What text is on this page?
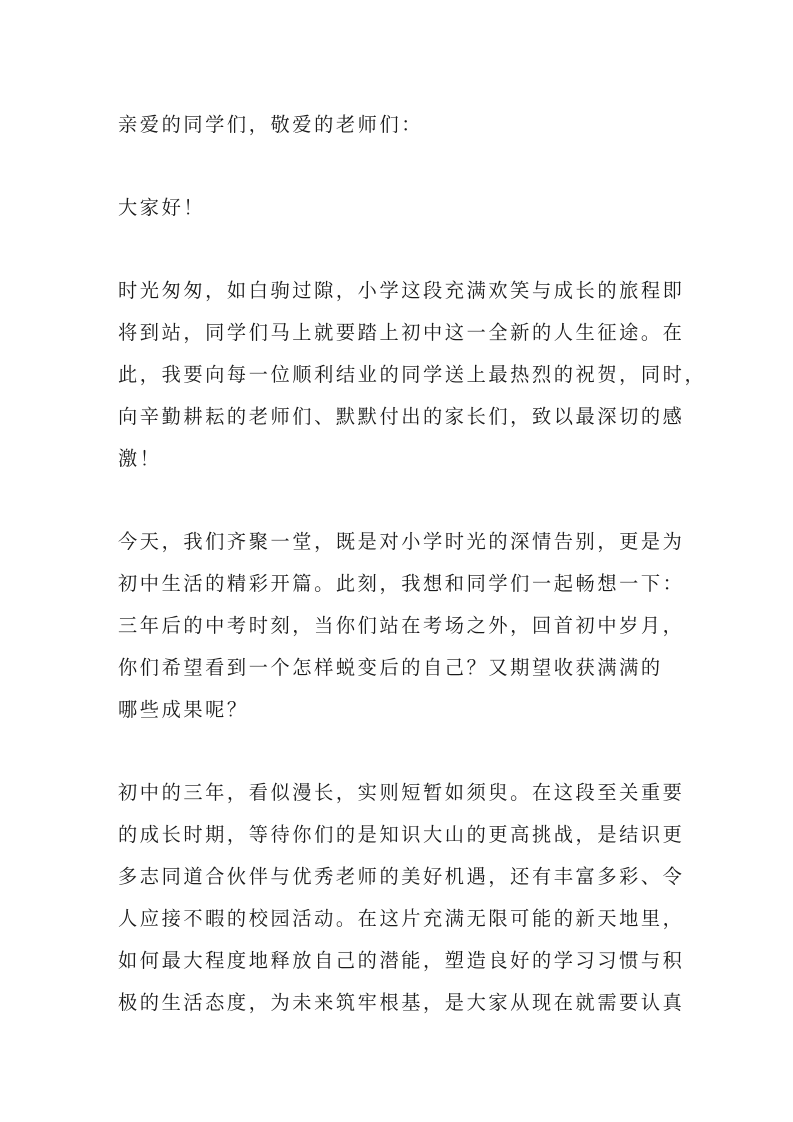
亲爱的同学们，敬爱的老师们：

大家好！

时光匆匆，如白驹过隙，小学这段充满欢笑与成长的旅程即
将到站，同学们马上就要踏上初中这一全新的人生征途。在
此，我要向每一位顺利结业的同学送上最热烈的祝贺，同时，
向辛勤耕耘的老师们、默默付出的家长们，致以最深切的感
激！

今天，我们齐聚一堂，既是对小学时光的深情告别，更是为
初中生活的精彩开篇。此刻，我想和同学们一起畅想一下：
三年后的中考时刻，当你们站在考场之外，回首初中岁月，
你们希望看到一个怎样蜕变后的自己？又期望收获满满的
哪些成果呢？

初中的三年，看似漫长，实则短暂如须臾。在这段至关重要
的成长时期，等待你们的是知识大山的更高挑战，是结识更
多志同道合伙伴与优秀老师的美好机遇，还有丰富多彩、令
人应接不暇的校园活动。在这片充满无限可能的新天地里，
如何最大程度地释放自己的潜能，塑造良好的学习习惯与积
极的生活态度，为未来筑牢根基，是大家从现在就需要认真
